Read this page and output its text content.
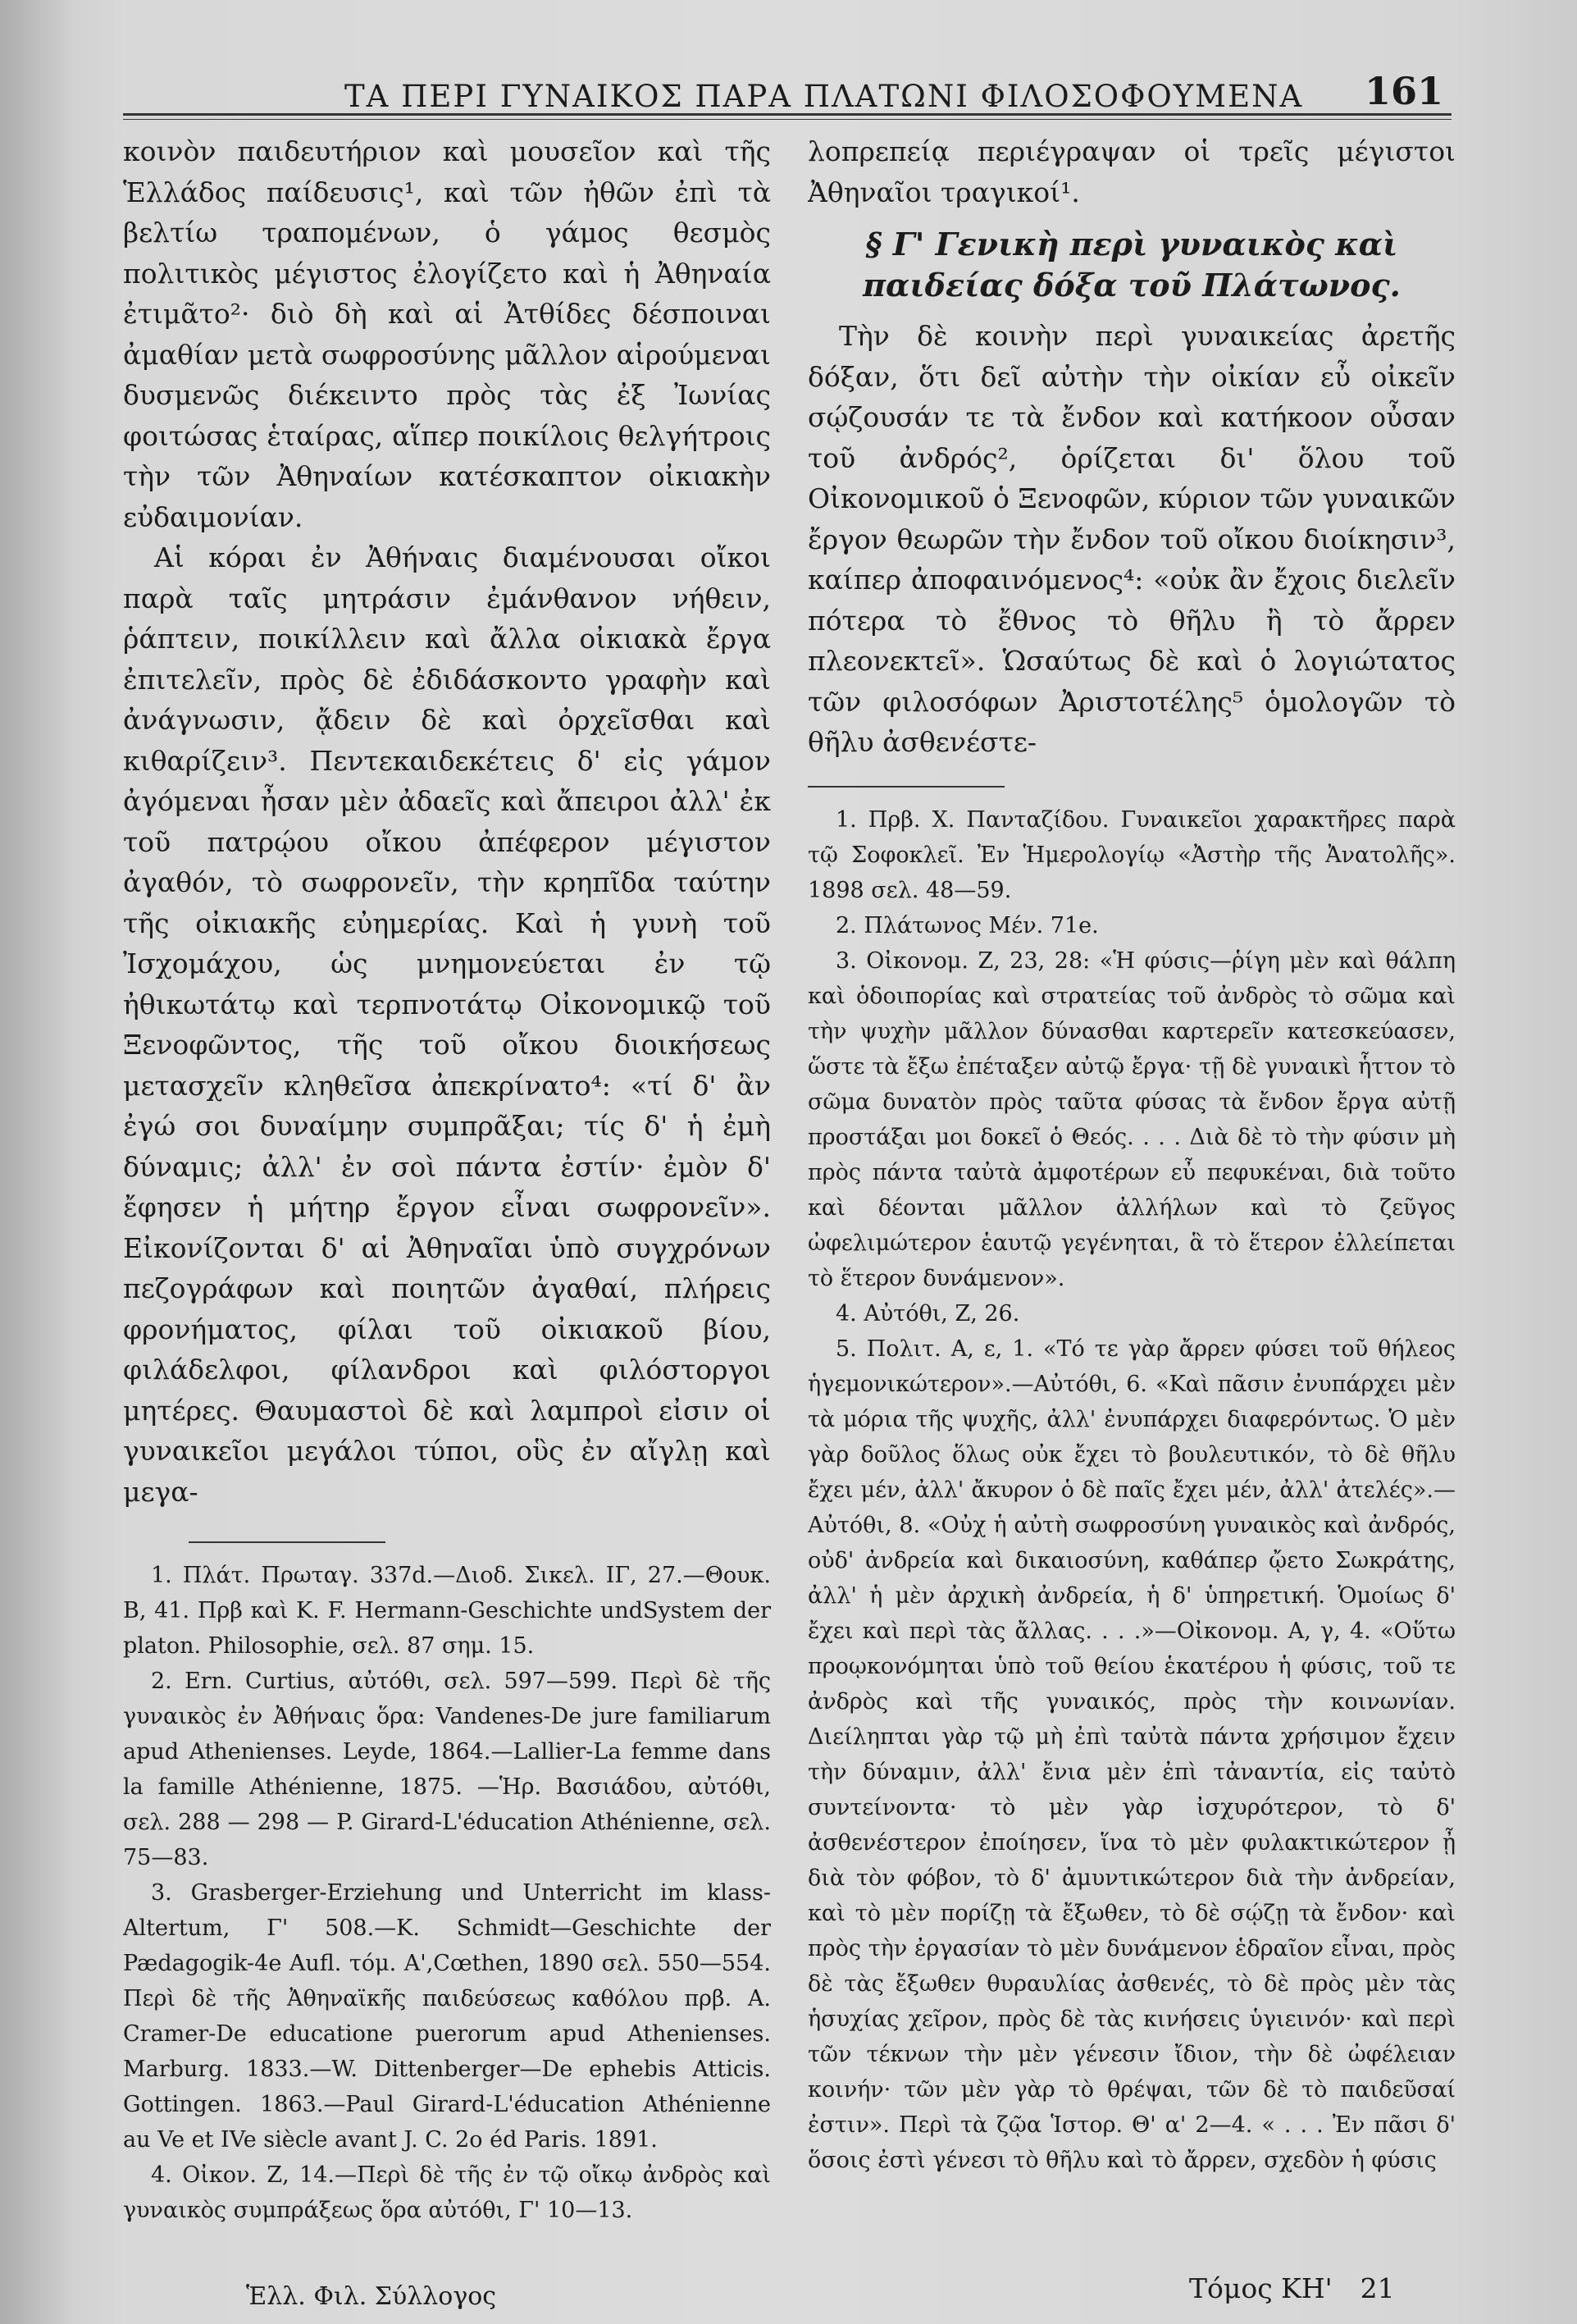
ΤΑ ΠΕΡΙ ΓΥΝΑΙΚΟΣ ΠΑΡΑ ΠΛΑΤΩΝΙ ΦΙΛΟΣΟΦΟΥΜΕΝΑ 161

κοινὸν παιδευτήριον καὶ μουσεῖον καὶ τῆς Ἑλλάδος παίδευσις¹, καὶ τῶν ἠθῶν ἐπὶ τὰ βελτίω τραπομένων, ὁ γάμος θεσμὸς πολιτικὸς μέγιστος ἐλογίζετο καὶ ἡ Ἀθηναία ἐτιμᾶτο²· διὸ δὴ καὶ αἱ Ἀτθίδες δέσποιναι ἀμαθίαν μετὰ σωφροσύνης μᾶλλον αἱρούμεναι δυσμενῶς διέκειντο πρὸς τὰς ἐξ Ἰωνίας φοιτώσας ἑταίρας, αἵπερ ποικίλοις θελγήτροις τὴν τῶν Ἀθηναίων κατέσκαπτον οἰκιακὴν εὐδαιμονίαν.

Αἱ κόραι ἐν Ἀθήναις διαμένουσαι οἴκοι παρὰ ταῖς μητράσιν ἐμάνθανον νήθειν, ῥάπτειν, ποικίλλειν καὶ ἄλλα οἰκιακὰ ἔργα ἐπιτελεῖν, πρὸς δὲ ἐδιδάσκοντο γραφὴν καὶ ἀνάγνωσιν, ᾄδειν δὲ καὶ ὀρχεῖσθαι καὶ κιθαρίζειν³. Πεντεκαιδεκέτεις δ' εἰς γάμον ἀγόμεναι ἦσαν μὲν ἀδαεῖς καὶ ἄπειροι ἀλλ' ἐκ τοῦ πατρῴου οἴκου ἀπέφερον μέγιστον ἀγαθόν, τὸ σωφρονεῖν, τὴν κρηπῖδα ταύτην τῆς οἰκιακῆς εὐημερίας. Καὶ ἡ γυνὴ τοῦ Ἰσχομάχου, ὡς μνημονεύεται ἐν τῷ ἠθικωτάτῳ καὶ τερπνοτάτῳ Οἰκονομικῷ τοῦ Ξενοφῶντος, τῆς τοῦ οἴκου διοικήσεως μετασχεῖν κληθεῖσα ἀπεκρίνατο⁴: «τί δ' ἂν ἐγώ σοι δυναίμην συμπρᾶξαι; τίς δ' ἡ ἐμὴ δύναμις; ἀλλ' ἐν σοὶ πάντα ἐστίν· ἐμὸν δ' ἔφησεν ἡ μήτηρ ἔργον εἶναι σωφρονεῖν». Εἰκονίζονται δ' αἱ Ἀθηναῖαι ὑπὸ συγχρόνων πεζογράφων καὶ ποιητῶν ἀγαθαί, πλήρεις φρονήματος, φίλαι τοῦ οἰκιακοῦ βίου, φιλάδελφοι, φίλανδροι καὶ φιλόστοργοι μητέρες. Θαυμαστοὶ δὲ καὶ λαμπροὶ εἰσιν οἱ γυναικεῖοι μεγάλοι τύποι, οὓς ἐν αἴγλῃ καὶ μεγα-

1. Πλάτ. Πρωταγ. 337d.—Διοδ. Σικελ. ΙΓ, 27.—Θουκ. Β, 41. Πρβ καὶ K. F. Hermann-Geschichte undSystem der platon. Philosophie, σελ. 87 σημ. 15.

2. Ern. Curtius, αὐτόθι, σελ. 597—599. Περὶ δὲ τῆς γυναικὸς ἐν Ἀθήναις ὅρα: Vandenes-De jure familiarum apud Athenienses. Leyde, 1864.—Lallier-La femme dans la famille Athénienne, 1875. —Ἡρ. Βασιάδου, αὐτόθι, σελ. 288 — 298 — P. Girard-L'éducation Athénienne, σελ. 75—83.

3. Grasberger-Erziehung und Unterricht im klass-Altertum, Γ' 508.—K. Schmidt—Geschichte der Pædagogik-4e Aufl. τόμ. Α',Cœthen, 1890 σελ. 550—554. Περὶ δὲ τῆς Ἀθηναϊκῆς παιδεύσεως καθόλου πρβ. A. Cramer-De educatione puerorum apud Athenienses. Marburg. 1833.—W. Dittenberger—De ephebis Atticis. Gottingen. 1863.—Paul Girard-L'éducation Athénienne au Ve et IVe siècle avant J. C. 2o éd Paris. 1891.

4. Οἰκον. Ζ, 14.—Περὶ δὲ τῆς ἐν τῷ οἴκῳ ἀνδρὸς καὶ γυναικὸς συμπράξεως ὅρα αὐτόθι, Γ' 10—13.

λοπρεπείᾳ περιέγραψαν οἱ τρεῖς μέγιστοι Ἀθηναῖοι τραγικοί¹.

§ Γ' Γενικὴ περὶ γυναικὸς καὶ παιδείας δόξα τοῦ Πλάτωνος.

Τὴν δὲ κοινὴν περὶ γυναικείας ἀρετῆς δόξαν, ὅτι δεῖ αὐτὴν τὴν οἰκίαν εὖ οἰκεῖν σῴζουσάν τε τὰ ἔνδον καὶ κατήκοον οὖσαν τοῦ ἀνδρός², ὁρίζεται δι' ὅλου τοῦ Οἰκονομικοῦ ὁ Ξενοφῶν, κύριον τῶν γυναικῶν ἔργον θεωρῶν τὴν ἔνδον τοῦ οἴκου διοίκησιν³, καίπερ ἀποφαινόμενος⁴: «οὐκ ἂν ἔχοις διελεῖν πότερα τὸ ἔθνος τὸ θῆλυ ἢ τὸ ἄρρεν πλεονεκτεῖ». Ὡσαύτως δὲ καὶ ὁ λογιώτατος τῶν φιλοσόφων Ἀριστοτέλης⁵ ὁμολογῶν τὸ θῆλυ ἀσθενέστε-

1. Πρβ. Χ. Πανταζίδου. Γυναικεῖοι χαρακτῆρες παρὰ τῷ Σοφοκλεῖ. Ἐν Ἡμερολογίῳ «Ἀστὴρ τῆς Ἀνατολῆς». 1898 σελ. 48—59.

2. Πλάτωνος Μέν. 71e.

3. Οἰκονομ. Ζ, 23, 28: «Ἡ φύσις—ῥίγη μὲν καὶ θάλπη καὶ ὁδοιπορίας καὶ στρατείας τοῦ ἀνδρὸς τὸ σῶμα καὶ τὴν ψυχὴν μᾶλλον δύνασθαι καρτερεῖν κατεσκεύασεν, ὥστε τὰ ἔξω ἐπέταξεν αὐτῷ ἔργα· τῇ δὲ γυναικὶ ἧττον τὸ σῶμα δυνατὸν πρὸς ταῦτα φύσας τὰ ἔνδον ἔργα αὐτῇ προστάξαι μοι δοκεῖ ὁ Θεός. . . . Διὰ δὲ τὸ τὴν φύσιν μὴ πρὸς πάντα ταὐτὰ ἀμφοτέρων εὖ πεφυκέναι, διὰ τοῦτο καὶ δέονται μᾶλλον ἀλλήλων καὶ τὸ ζεῦγος ὠφελιμώτερον ἑαυτῷ γεγένηται, ἃ τὸ ἕτερον ἐλλείπεται τὸ ἕτερον δυνάμενον».

4. Αὐτόθι, Ζ, 26.

5. Πολιτ. Α, ε, 1. «Τό τε γὰρ ἄρρεν φύσει τοῦ θήλεος ἡγεμονικώτερον».—Αὐτόθι, 6. «Καὶ πᾶσιν ἐνυπάρχει μὲν τὰ μόρια τῆς ψυχῆς, ἀλλ' ἐνυπάρχει διαφερόντως. Ὁ μὲν γὰρ δοῦλος ὅλως οὐκ ἔχει τὸ βουλευτικόν, τὸ δὲ θῆλυ ἔχει μέν, ἀλλ' ἄκυρον ὁ δὲ παῖς ἔχει μέν, ἀλλ' ἀτελές».—Αὐτόθι, 8. «Οὐχ ἡ αὐτὴ σωφροσύνη γυναικὸς καὶ ἀνδρός, οὐδ' ἀνδρεία καὶ δικαιοσύνη, καθάπερ ᾤετο Σωκράτης, ἀλλ' ἡ μὲν ἀρχικὴ ἀνδρεία, ἡ δ' ὑπηρετική. Ὁμοίως δ' ἔχει καὶ περὶ τὰς ἄλλας. . . .»—Οἰκονομ. Α, γ, 4. «Οὕτω προῳκονόμηται ὑπὸ τοῦ θείου ἑκατέρου ἡ φύσις, τοῦ τε ἀνδρὸς καὶ τῆς γυναικός, πρὸς τὴν κοινωνίαν. Διείληπται γὰρ τῷ μὴ ἐπὶ ταὐτὰ πάντα χρήσιμον ἔχειν τὴν δύναμιν, ἀλλ' ἔνια μὲν ἐπὶ τἀναντία, εἰς ταὐτὸ συντείνοντα· τὸ μὲν γὰρ ἰσχυρότερον, τὸ δ' ἀσθενέστερον ἐποίησεν, ἵνα τὸ μὲν φυλακτικώτερον ᾖ διὰ τὸν φόβον, τὸ δ' ἀμυντικώτερον διὰ τὴν ἀνδρείαν, καὶ τὸ μὲν πορίζῃ τὰ ἔξωθεν, τὸ δὲ σῴζῃ τὰ ἔνδον· καὶ πρὸς τὴν ἐργασίαν τὸ μὲν δυνάμενον ἑδραῖον εἶναι, πρὸς δὲ τὰς ἔξωθεν θυραυλίας ἀσθενές, τὸ δὲ πρὸς μὲν τὰς ἡσυχίας χεῖρον, πρὸς δὲ τὰς κινήσεις ὑγιεινόν· καὶ περὶ τῶν τέκνων τὴν μὲν γένεσιν ἴδιον, τὴν δὲ ὠφέλειαν κοινήν· τῶν μὲν γὰρ τὸ θρέψαι, τῶν δὲ τὸ παιδεῦσαί ἐστιν». Περὶ τὰ ζῷα Ἱστορ. Θ' α' 2—4. « . . . Ἐν πᾶσι δ' ὅσοις ἐστὶ γένεσι τὸ θῆλυ καὶ τὸ ἄρρεν, σχεδὸν ἡ φύσις

Ἑλλ. Φιλ. Σύλλογος	Τόμος ΚΗ' 21
